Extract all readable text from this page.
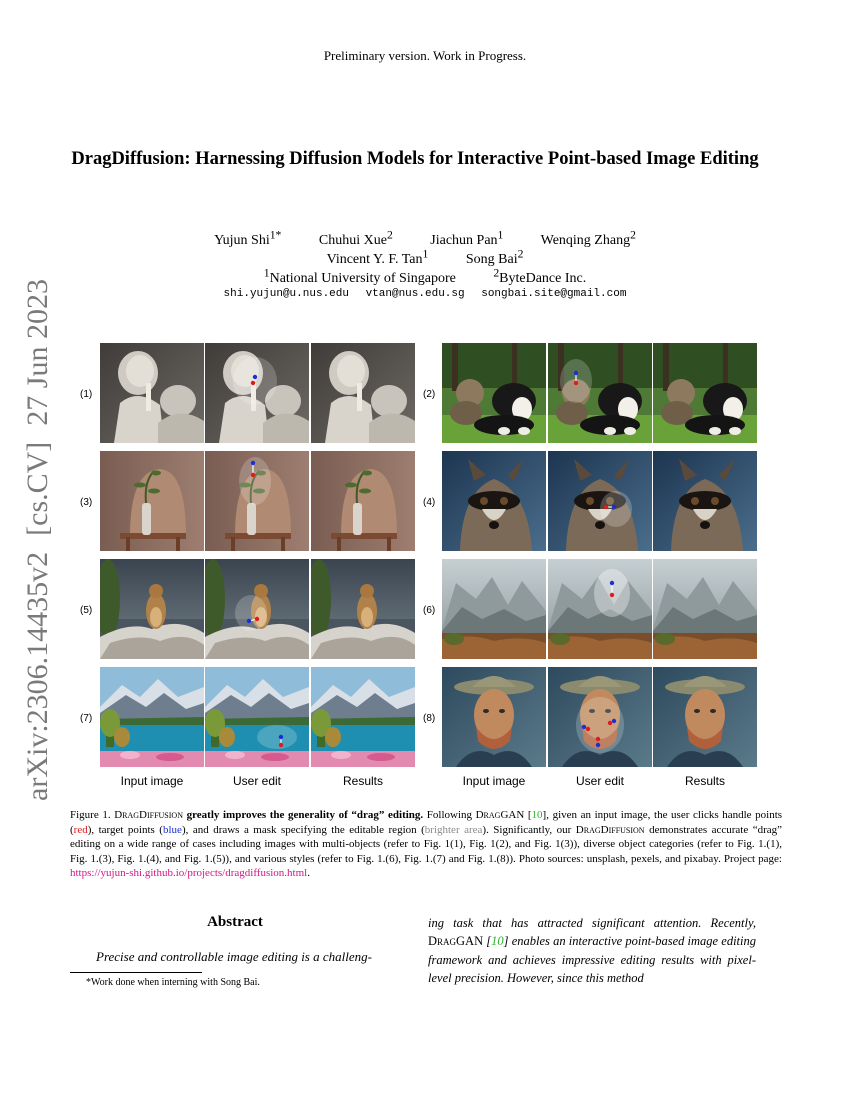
Preliminary version. Work in Progress.
DragDiffusion: Harnessing Diffusion Models for Interactive Point-based Image Editing
Yujun Shi$^{1*}$	Chuhui Xue$^2$	Jiachun Pan$^1$	Wenqing Zhang$^2$
Vincent Y. F. Tan$^1$	Song Bai$^2$
$^1$National University of Singapore	$^2$ByteDance Inc.
shi.yujun@u.nus.edu vtan@nus.edu.sg songbai.site@gmail.com
arXiv:2306.14435v2[cs.CV]27 Jun 2023	(1)
(3)
(5)
(7)
(2)
(4)
(6)
(8)
Input image	User edit	Results	Input image	User edit	Results
Figure 1. DragDiffusion greatly improves the generality of “drag” editing. Following DragGAN [10], given an input image, the user clicks handle points (red), target points (blue), and draws a mask specifying the editable region (brighter area). Significantly, our DragDiffusion demonstrates accurate “drag” editing on a wide range of cases including images with multi-objects (refer to Fig. 1(1), Fig. 1(2), and Fig. 1(3)), diverse object categories (refer to Fig. 1.(1), Fig. 1.(3), Fig. 1.(4), and Fig. 1.(5)), and various styles (refer to Fig. 1.(6), Fig. 1.(7) and Fig. 1.(8)). Photo sources: unsplash, pexels, and pixabay. Project page: https://yujun-shi.github.io/projects/dragdiffusion.html.
Abstract
Precise and controllable image editing is a challeng-
*Work done when interning with Song Bai.
ing task that has attracted significant attention. Recently, DragGAN [10] enables an interactive point-based image editing framework and achieves impressive editing results with pixel-level precision. However, since this method
